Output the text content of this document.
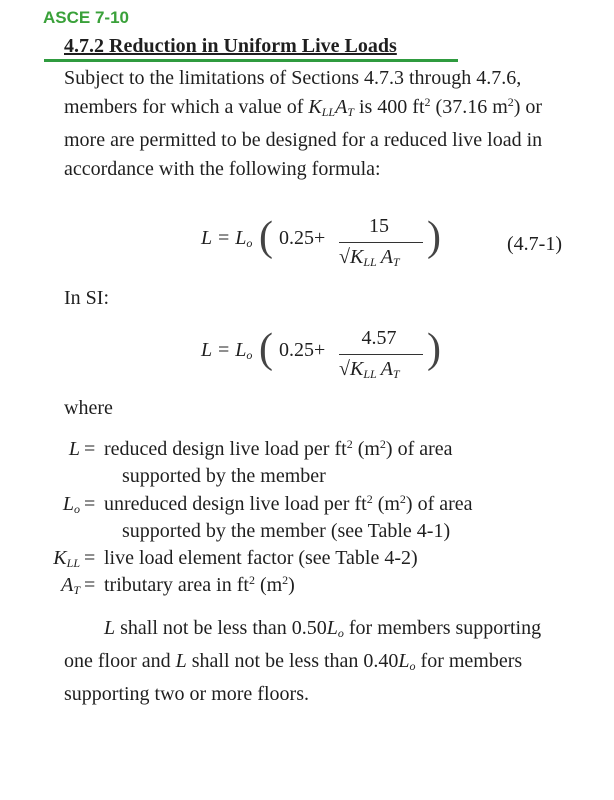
ASCE 7-10
4.7.2 Reduction in Uniform Live Loads
Subject to the limitations of Sections 4.7.3 through 4.7.6, members for which a value of $K_{LL}A_T$ is 400 $ft^2$ (37.16 $m^2$) or more are permitted to be designed for a reduced live load in accordance with the following formula:
$L = L_o$ ( 0.25+
15
$√K_{LL}$ $A_T$
)	(4.7-1)
In SI:
$L = L_o$ ( 0.25+
4.57
$√K_{LL}$ $A_T$
)
where
L = reduced design live load per $ft^2$ $(m^2)$ of area
supported by the member
$L_o$ = unreduced design live load per $ft^2$ $(m^2)$ of area
supported by the member (see Table 4-1)
$K_{LL}$ = live load element factor (see Table 4-2)
$A_T$ = tributary area in $ft^2$ $(m^2)$
L shall not be less than $0.50L_o$ for members supporting one floor and L shall not be less than $0.40L_o$ for members supporting two or more floors.
